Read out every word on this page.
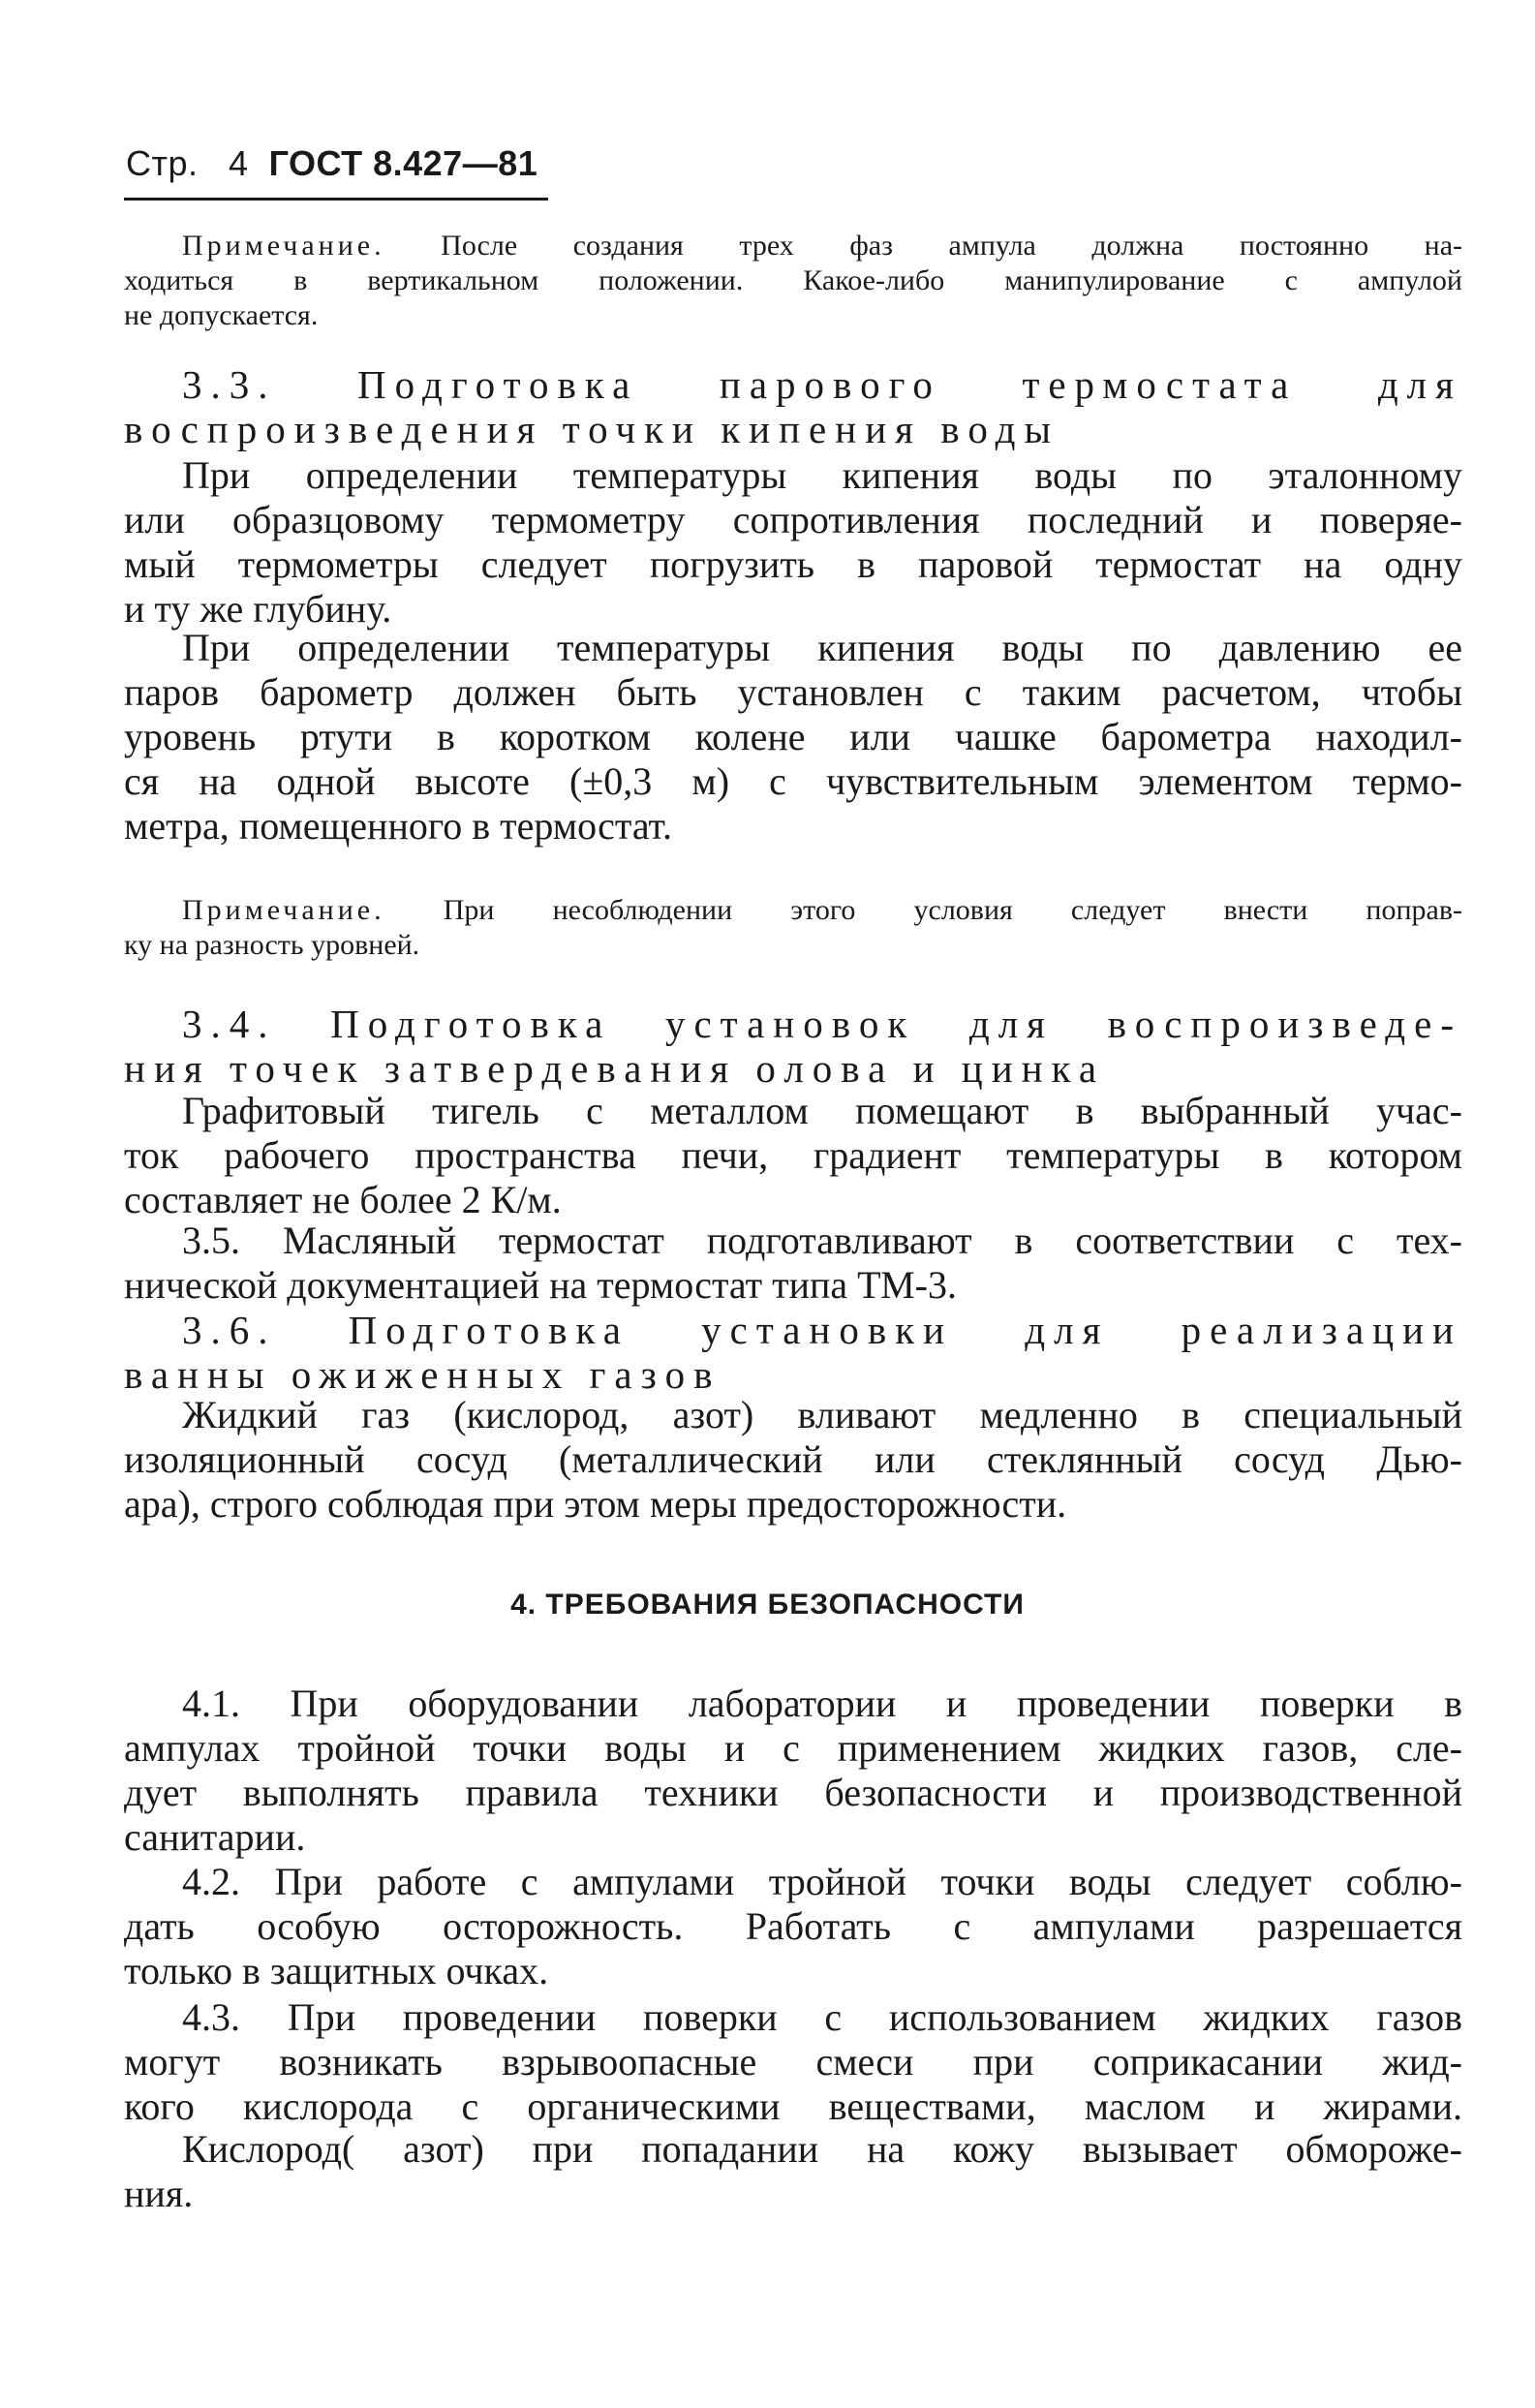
Стр. 4 ГОСТ 8.427—81
Примечание. После создания трех фаз ампула должна постоянно на-
ходиться в вертикальном положении. Какое-либо манипулирование с ампулой
не допускается.
3.3. Подготовка парового термостата для
воспроизведения точки кипения воды
При определении температуры кипения воды по эталонному
или образцовому термометру сопротивления последний и поверяе-
мый термометры следует погрузить в паровой термостат на одну
и ту же глубину.
При определении температуры кипения воды по давлению ее
паров барометр должен быть установлен с таким расчетом, чтобы
уровень ртути в коротком колене или чашке барометра находил-
ся на одной высоте (±0,3 м) с чувствительным элементом термо-
метра, помещенного в термостат.
Примечание. При несоблюдении этого условия следует внести поправ-
ку на разность уровней.
3.4. Подготовка установок для воспроизведе-
ния точек затвердевания олова и цинка
Графитовый тигель с металлом помещают в выбранный учас-
ток рабочего пространства печи, градиент температуры в котором
составляет не более 2 К/м.
3.5. Масляный термостат подготавливают в соответствии с тех-
нической документацией на термостат типа ТМ-3.
3.6. Подготовка установки для реализации
ванны ожиженных газов
Жидкий газ (кислород, азот) вливают медленно в специальный
изоляционный сосуд (металлический или стеклянный сосуд Дью-
ара), строго соблюдая при этом меры предосторожности.
4. ТРЕБОВАНИЯ БЕЗОПАСНОСТИ
4.1. При оборудовании лаборатории и проведении поверки в
ампулах тройной точки воды и с применением жидких газов, сле-
дует выполнять правила техники безопасности и производственной
санитарии.
4.2. При работе с ампулами тройной точки воды следует соблю-
дать особую осторожность. Работать с ампулами разрешается
только в защитных очках.
4.3. При проведении поверки с использованием жидких газов
могут возникать взрывоопасные смеси при соприкасании жид-
кого кислорода с органическими веществами, маслом и жирами.
Кислород( азот) при попадании на кожу вызывает обмороже-
ния.
